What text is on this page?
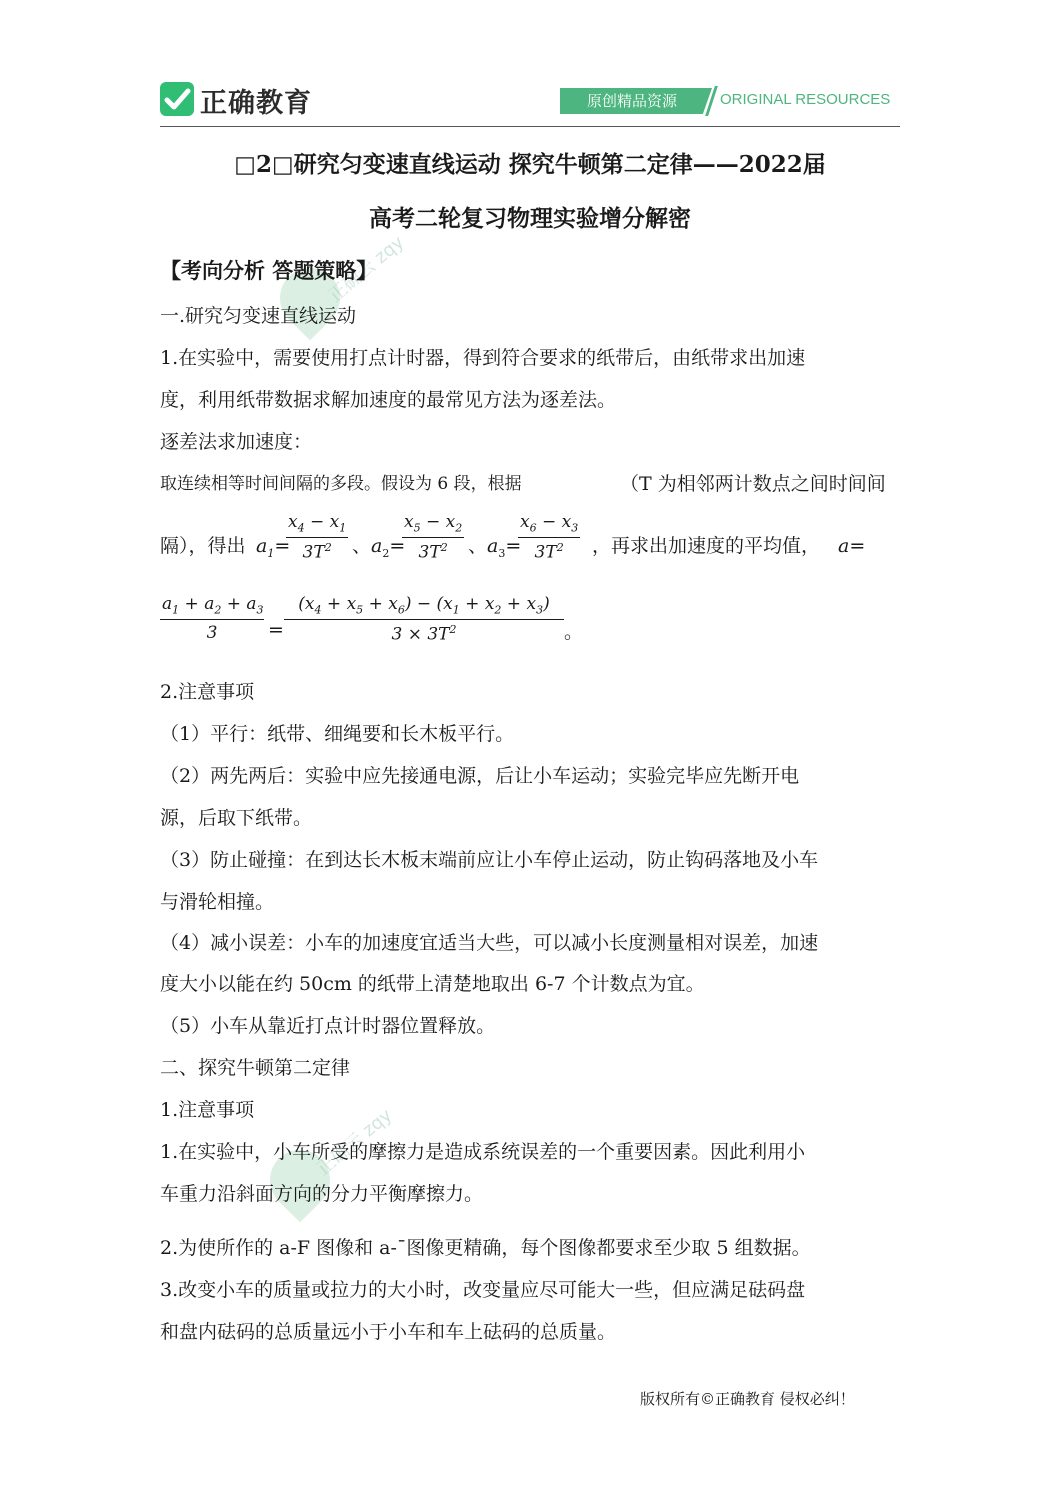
正确教育	原创精品资源	ORIGINAL RESOURCES
正确云 zqy
正确云 zqy
□2□研究匀变速直线运动 探究牛顿第二定律——2022届
高考二轮复习物理实验增分解密
【考向分析 答题策略】
一.研究匀变速直线运动
1.在实验中，需要使用打点计时器，得到符合要求的纸带后，由纸带求出加速
度，利用纸带数据求解加速度的最常见方法为逐差法。
逐差法求加速度：
取连续相等时间间隔的多段。假设为 6 段，根据	（T 为相邻两计数点之间时间间
隔），得出 $a_1=$
$\frac{x_4 - x_1}{3T^2}$ 、$a_2=$
$\frac{x_5 - x_2}{3T^2}$ 、$a_3=$
$\frac{x_6 - x_3}{3T^2}$ ，再求出加速度的平均值， a=
$\frac{a_1 + a_2 + a_3}{3} = \frac{(x_4 + x_5 + x_6) - (x_1 + x_2 + x_3)}{3 \times 3T^2}$ 。
2.注意事项
（1）平行：纸带、细绳要和长木板平行。
（2）两先两后：实验中应先接通电源，后让小车运动；实验完毕应先断开电
源，后取下纸带。
（3）防止碰撞：在到达长木板末端前应让小车停止运动，防止钩码落地及小车
与滑轮相撞。
（4）减小误差：小车的加速度宜适当大些，可以减小长度测量相对误差，加速
度大小以能在约 50cm 的纸带上清楚地取出 6-7 个计数点为宜。
（5）小车从靠近打点计时器位置释放。
二、探究牛顿第二定律
1.注意事项
1.在实验中，小车所受的摩擦力是造成系统误差的一个重要因素。因此利用小
车重力沿斜面方向的分力平衡摩擦力。
2.为使所作的 a-F 图像和 a-¯图像更精确，每个图像都要求至少取 5 组数据。
3.改变小车的质量或拉力的大小时，改变量应尽可能大一些，但应满足砝码盘
和盘内砝码的总质量远小于小车和车上砝码的总质量。
版权所有©正确教育 侵权必纠！
